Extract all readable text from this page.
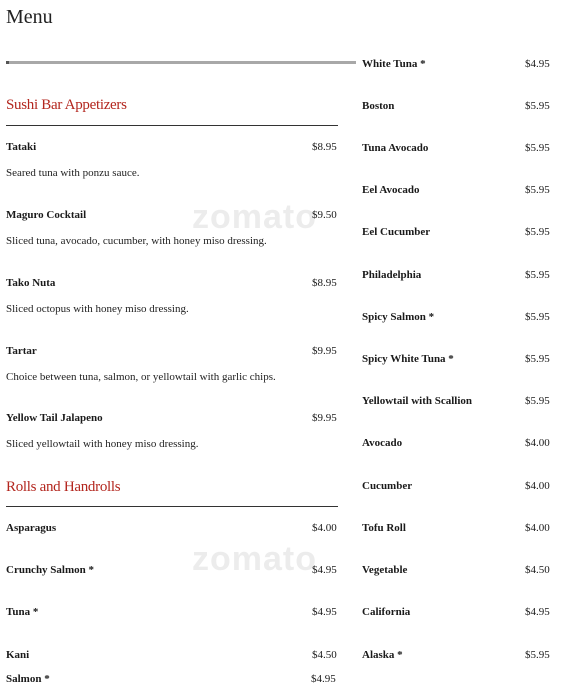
Menu
zomato
zomato
Sushi Bar Appetizers
Tataki	$8.95
Seared tuna with ponzu sauce.
Maguro Cocktail	$9.50
Sliced tuna, avocado, cucumber, with honey miso dressing.
Tako Nuta	$8.95
Sliced octopus with honey miso dressing.
Tartar	$9.95
Choice between tuna, salmon, or yellowtail with garlic chips.
Yellow Tail Jalapeno	$9.95
Sliced yellowtail with honey miso dressing.
Rolls and Handrolls
Asparagus	$4.00
Crunchy Salmon *	$4.95
Tuna *	$4.95
Kani	$4.50
Salmon *	$4.95
White Tuna *	$4.95
Boston	$5.95
Tuna Avocado	$5.95
Eel Avocado	$5.95
Eel Cucumber	$5.95
Philadelphia	$5.95
Spicy Salmon *	$5.95
Spicy White Tuna *	$5.95
Yellowtail with Scallion	$5.95
Avocado	$4.00
Cucumber	$4.00
Tofu Roll	$4.00
Vegetable	$4.50
California	$4.95
Alaska *	$5.95
